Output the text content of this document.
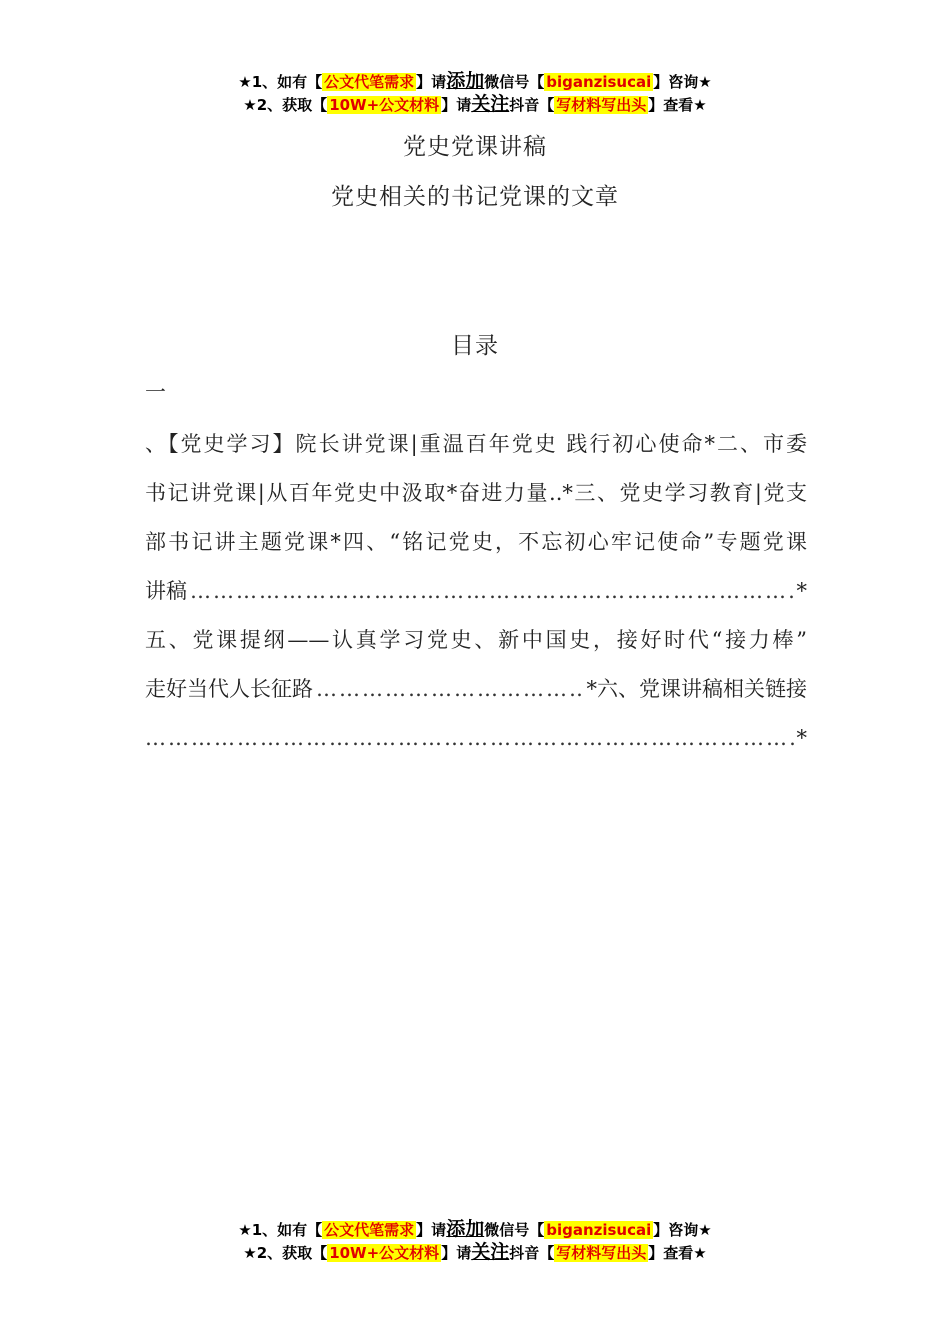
★1、如有【 公文代笔需求 】请添加微信号【 biganzisucai 】咨询★
★2、获取【 10W+公文材料 】请关注抖音【 写材料写出头 】查看★
党史党课讲稿
党史相关的书记党课的文章
目录
一
、【党史学习】院长讲党课|重温百年党史 践行初心使命*二、市委
书记讲党课|从百年党史中汲取*奋进力量..*三、党史学习教育|党支
部书记讲主题党课*四、“铭记党史，不忘初心牢记使命”专题党课
讲稿 ………………………………………………………………………………………………………………………………………………………………	*
五、党课提纲——认真学习党史、新中国史，接好时代“接力棒”
走好当代人长征路 ………………………………………………………………………………………………………………………………………………………………	*六、党课讲稿相关链接
………………………………………………………………………………………………………………………………………………………………
*
★1、如有【 公文代笔需求 】请添加微信号【 biganzisucai 】咨询★
★2、获取【 10W+公文材料 】请关注抖音【 写材料写出头 】查看★
